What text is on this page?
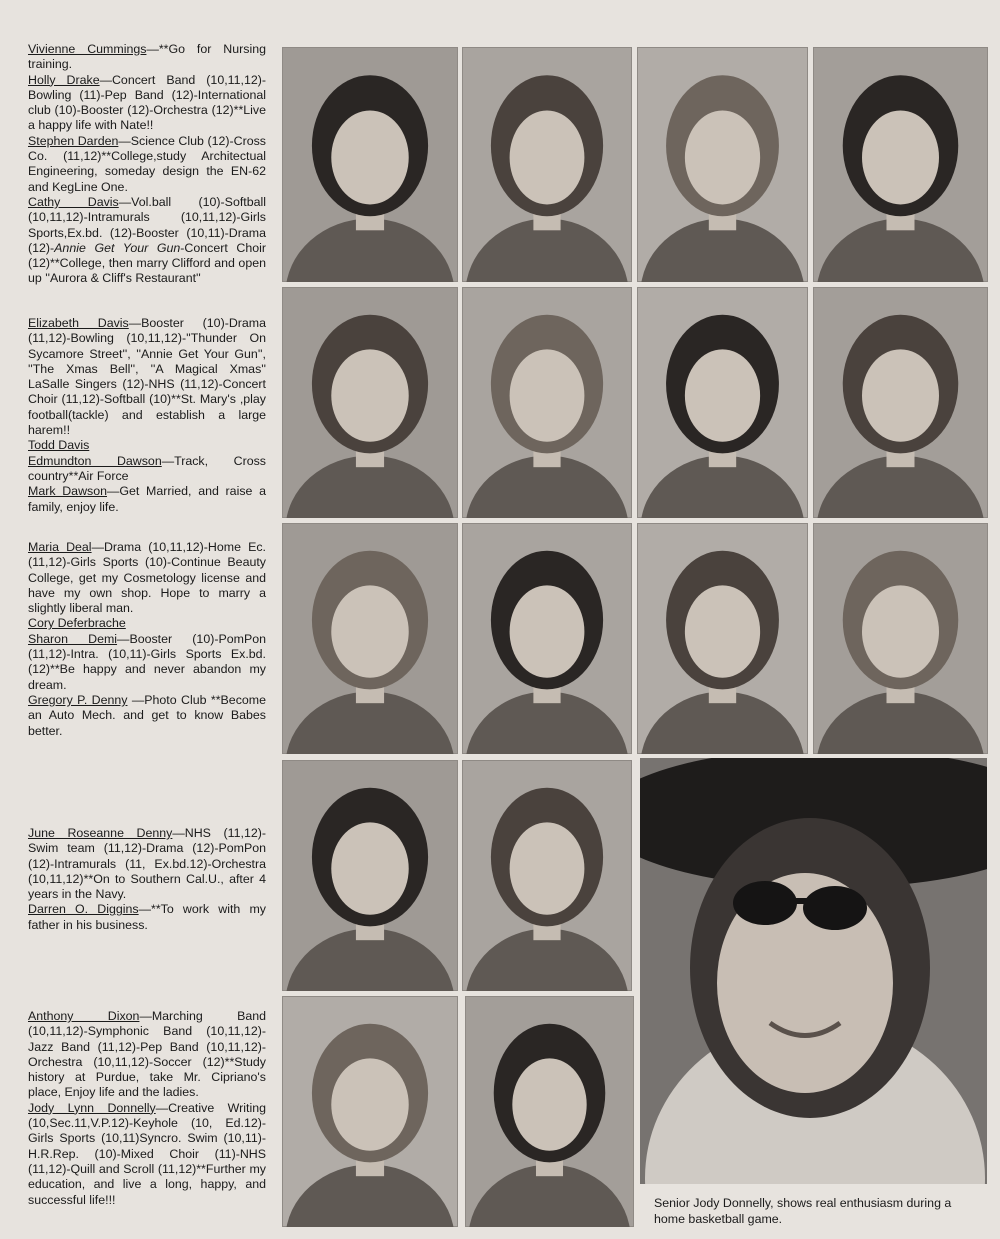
Vivienne Cummings—**Go for Nursing training.

Holly Drake—Concert Band (10,11,12)-Bowling (11)-Pep Band (12)-International club (10)-Booster (12)-Orchestra (12)**Live a happy life with Nate!!

Stephen Darden—Science Club (12)-Cross Co. (11,12)**College,study Architectual Engineering, someday design the EN-62 and KegLine One.

Cathy Davis—Vol.ball (10)-Softball (10,11,12)-Intramurals (10,11,12)-Girls Sports,Ex.bd. (12)-Booster (10,11)-Drama (12)-Annie Get Your Gun-Concert Choir (12)**College, then marry Clifford and open up ''Aurora & Cliff's Restaurant''

Elizabeth Davis—Booster (10)-Drama (11,12)-Bowling (10,11,12)-''Thunder On Sycamore Street'', ''Annie Get Your Gun'', ''The Xmas Bell'', ''A Magical Xmas'' LaSalle Singers (12)-NHS (11,12)-Concert Choir (11,12)-Softball (10)**St. Mary's ,play football(tackle) and establish a large harem!!

Todd Davis

Edmundton Dawson—Track, Cross country**Air Force

Mark Dawson—Get Married, and raise a family, enjoy life.

Maria Deal—Drama (10,11,12)-Home Ec. (11,12)-Girls Sports (10)-Continue Beauty College, get my Cosmetology license and have my own shop. Hope to marry a slightly liberal man.

Cory Deferbrache

Sharon Demi—Booster (10)-PomPon (11,12)-Intra. (10,11)-Girls Sports Ex.bd. (12)**Be happy and never abandon my dream.

Gregory P. Denny —Photo Club **Become an Auto Mech. and get to know Babes better.

June Roseanne Denny—NHS (11,12)-Swim team (11,12)-Drama (12)-PomPon (12)-Intramurals (11, Ex.bd.12)-Orchestra (10,11,12)**On to Southern Cal.U., after 4 years in the Navy.

Darren O. Diggins—**To work with my father in his business.

Anthony Dixon—Marching Band (10,11,12)-Symphonic Band (10,11,12)-Jazz Band (11,12)-Pep Band (10,11,12)-Orchestra (10,11,12)-Soccer (12)**Study history at Purdue, take Mr. Cipriano's place, Enjoy life and the ladies.

Jody Lynn Donnelly—Creative Writing (10,Sec.11,V.P.12)-Keyhole (10, Ed.12)-Girls Sports (10,11)Syncro. Swim (10,11)-H.R.Rep. (10)-Mixed Choir (11)-NHS (11,12)-Quill and Scroll (11,12)**Further my education, and live a long, happy, and successful life!!!	Senior Jody Donnelly, shows real enthusiasm during a home basketball game.
